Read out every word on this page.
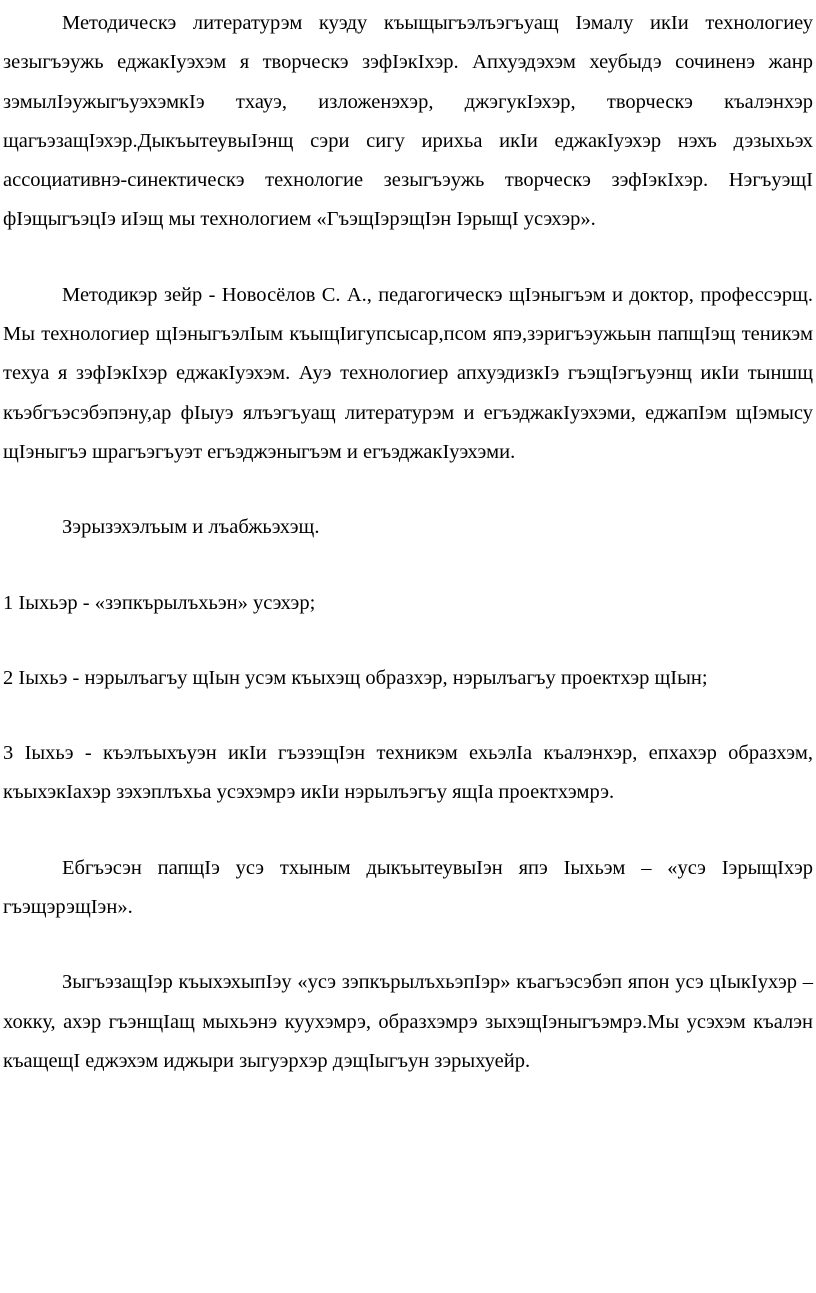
Методическэ литературэм куэду къыщыгъэлъэгъуащ Iэмалу икIи технологиеу зезыгъэужь еджакIуэхэм я творческэ зэфIэкIхэр. Апхуэдэхэм хеубыдэ сочиненэ жанр зэмылIэужыгъуэхэмкIэ тхауэ, изложенэхэр, джэгукIэхэр, творческэ къалэнхэр щагъэзащIэхэр.ДыкъытеувыIэнщ сэри сигу ирихьа икIи еджакIуэхэр нэхъ дэзыхьэх ассоциативнэ-синектическэ технологие зезыгъэужь творческэ зэфIэкIхэр. НэгъуэщI фIэщыгъэцIэ иIэщ мы технологием «ГъэщIэрэщIэн IэрыщI усэхэр».

Методикэр зейр - Новосёлов С. А., педагогическэ щIэныгъэм и доктор, профессэрщ. Мы технологиер щIэныгъэлIым къыщIигупсысар,псом япэ,зэригъэужьын папщIэщ теникэм техуа я зэфIэкIхэр еджакIуэхэм. Ауэ технологиер апхуэдизкIэ гъэщIэгъуэнщ икIи тыншщ къэбгъэсэбэпэну,ар фIыуэ ялъэгъуащ литературэм и егъэджакIуэхэми, еджапIэм щIэмысу щIэныгъэ шрагъэгъуэт егъэджэныгъэм и егъэджакIуэхэми.

Зэрызэхэлъым и лъабжьэхэщ.

1 Iыхьэр - «зэпкърылъхьэн» усэхэр;

2 Iыхьэ - нэрылъагъу щIын усэм къыхэщ образхэр, нэрылъагъу проектхэр щIын;

3 Iыхьэ - къэлъыхъуэн икIи гъэзэщIэн техникэм ехьэлIа къалэнхэр, епхахэр образхэм, къыхэкIахэр зэхэплъхьа усэхэмрэ икIи нэрылъэгъу ящIа проектхэмрэ.

Ебгъэсэн папщIэ усэ тхыным дыкъытеувыIэн япэ Iыхьэм – «усэ IэрыщIхэр гъэщэрэщIэн».

ЗыгъэзащIэр къыхэхыпIэу «усэ зэпкърылъхьэпIэр» къагъэсэбэп япон усэ цIыкIухэр – хокку, ахэр гъэнщIащ мыхьэнэ куухэмрэ, образхэмрэ зыхэщIэныгъэмрэ.Мы усэхэм къалэн къащещI еджэхэм иджыри зыгуэрхэр дэщIыгъун зэрыхуейр.
